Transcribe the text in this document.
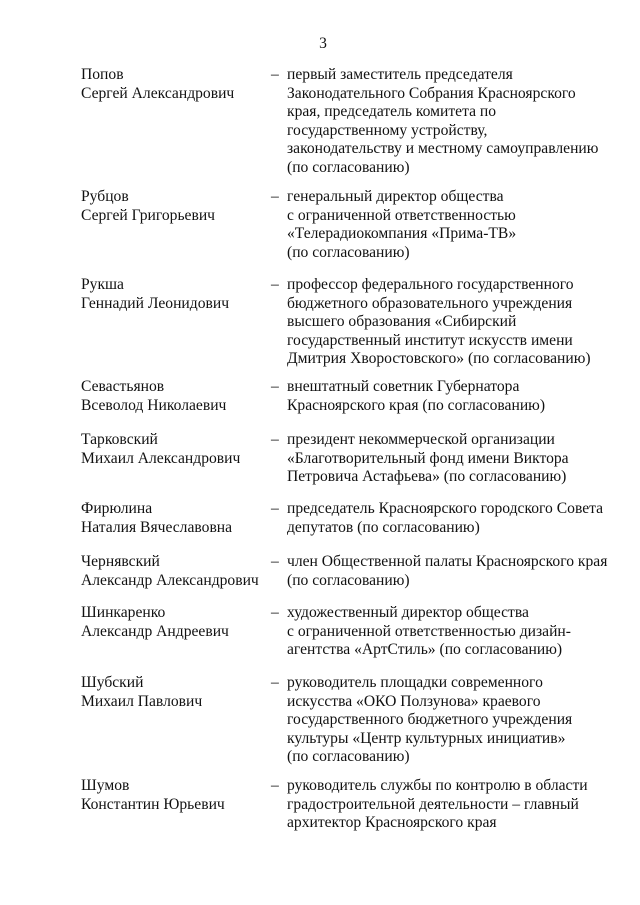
3
Попов
Сергей Александрович
– первый заместитель председателя
Законодательного Собрания Красноярского
края, председатель комитета по
государственному устройству,
законодательству и местному самоуправлению
(по согласованию)
Рубцов
Сергей Григорьевич
– генеральный директор общества
с ограниченной ответственностью
«Телерадиокомпания «Прима-ТВ»
(по согласованию)
Рукша
Геннадий Леонидович
– профессор федерального государственного
бюджетного образовательного учреждения
высшего образования «Сибирский
государственный институт искусств имени
Дмитрия Хворостовского» (по согласованию)
Севастьянов
Всеволод Николаевич
– внештатный советник Губернатора
Красноярского края (по согласованию)
Тарковский
Михаил Александрович
– президент некоммерческой организации
«Благотворительный фонд имени Виктора
Петровича Астафьева» (по согласованию)
Фирюлина
Наталия Вячеславовна
– председатель Красноярского городского Совета
депутатов (по согласованию)
Чернявский
Александр Александрович
– член Общественной палаты Красноярского края
(по согласованию)
Шинкаренко
Александр Андреевич
– художественный директор общества
с ограниченной ответственностью дизайн-
агентства «АртСтиль» (по согласованию)
Шубский
Михаил Павлович
– руководитель площадки современного
искусства «ОКО Ползунова» краевого
государственного бюджетного учреждения
культуры «Центр культурных инициатив»
(по согласованию)
Шумов
Константин Юрьевич
– руководитель службы по контролю в области
градостроительной деятельности – главный
архитектор Красноярского края
